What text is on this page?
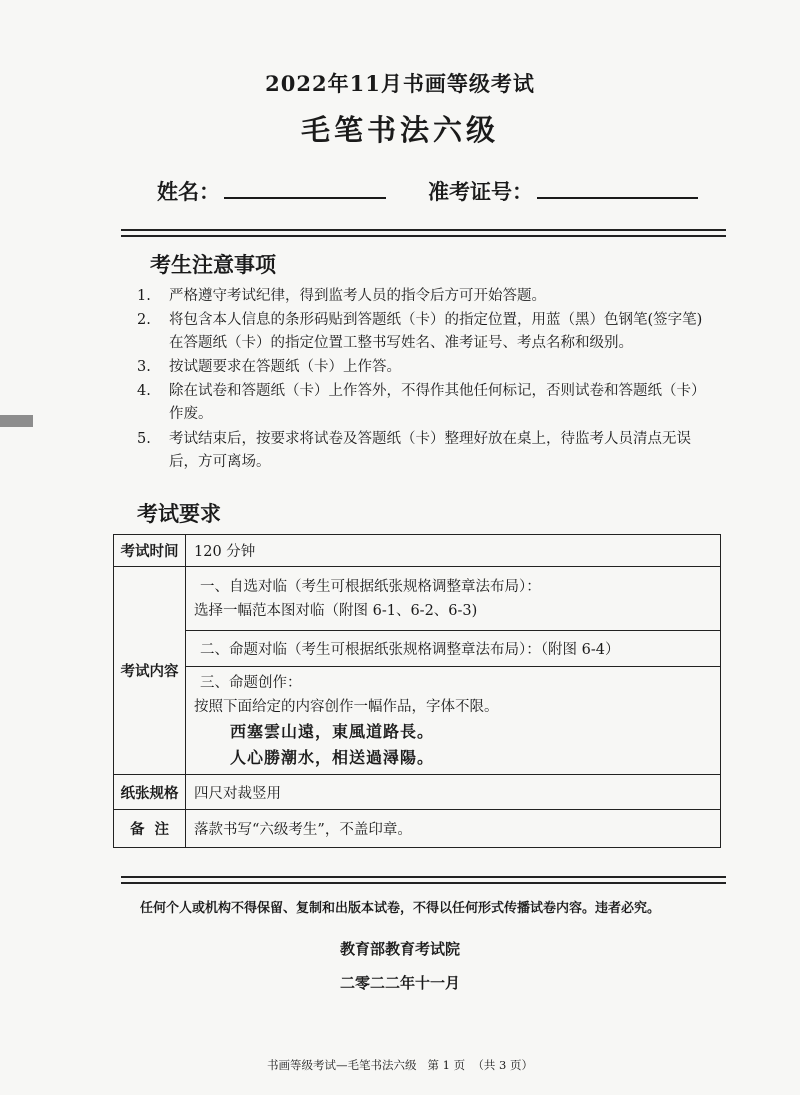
2022年11月书画等级考试
毛笔书法六级
姓名：	准考证号：
考生注意事项
1.	严格遵守考试纪律，得到监考人员的指令后方可开始答题。
2.	将包含本人信息的条形码贴到答题纸（卡）的指定位置，用蓝（黑）色钢笔(签字笔)在答题纸（卡）的指定位置工整书写姓名、准考证号、考点名称和级别。
3.	按试题要求在答题纸（卡）上作答。
4.	除在试卷和答题纸（卡）上作答外，不得作其他任何标记，否则试卷和答题纸（卡）作废。
5.	考试结束后，按要求将试卷及答题纸（卡）整理好放在桌上，待监考人员清点无误后，方可离场。
考试要求
考试时间	120 分钟
考试内容	一、自选对临（考生可根据纸张规格调整章法布局）：
选择一幅范本图对临（附图 6-1、6-2、6-3)

	二、命题对临（考生可根据纸张规格调整章法布局）：（附图 6-4）

	三、命题创作：
按照下面给定的内容创作一幅作品，字体不限。
西塞雲山遠，東風道路長。
人心勝潮水，相送過潯陽。

纸张规格	四尺对裁竖用
备  注	落款书写“六级考生”，不盖印章。
任何个人或机构不得保留、复制和出版本试卷，不得以任何形式传播试卷内容。违者必究。
教育部教育考试院
二零二二年十一月
书画等级考试—毛笔书法六级   第 1 页  （共 3 页）
